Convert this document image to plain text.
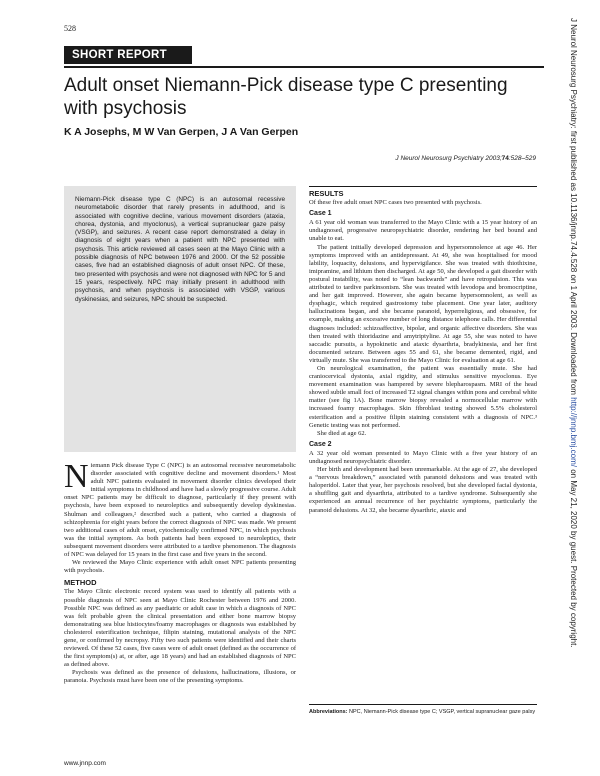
528
SHORT REPORT
Adult onset Niemann-Pick disease type C presenting with psychosis
K A Josephs, M W Van Gerpen, J A Van Gerpen
J Neurol Neurosurg Psychiatry 2003;74:528–529

Niemann-Pick disease type C (NPC) is an autosomal recessive neurometabolic disorder that rarely presents in adulthood, and is associated with cognitive decline, various movement disorders (ataxia, chorea, dystonia, and myoclonus), a vertical supranuclear gaze palsy (VSGP), and seizures. A recent case report demonstrated a delay in diagnosis of eight years when a patient with NPC presented with psychosis. This article reviewed all cases seen at the Mayo Clinic with a possible diagnosis of NPC between 1976 and 2000. Of the 52 possible cases, five had an established diagnosis of adult onset NPC. Of these, two presented with psychosis and were not diagnosed with NPC for 5 and 15 years, respectively. NPC may initially present in adulthood with psychosis, and when psychosis is associated with VSGP, various dyskinesias, and seizures, NPC should be suspected.

Niemann Pick disease Type C (NPC) is an autosomal recessive neurometabolic disorder associated with cognitive decline and movement disorders.¹ Most adult NPC patients evaluated in movement disorder clinics developed their initial symptoms in childhood and have had a slowly progressive course. Adult onset NPC patients may be difficult to diagnose, particularly if they present with psychosis, have been exposed to neuroleptics and subsequently develop dyskinesias. Shulman and colleagues,² described such a patient, who carried a diagnosis of schizophrenia for eight years before the correct diagnosis of NPC was made. We present two additional cases of adult onset, cytochemically confirmed NPC, in which psychosis was the initial symptom. As both patients had been exposed to neuroleptics, their subsequent movement disorders were attributed to a tardive phenomenon. The diagnosis of NPC was delayed for 15 years in the first case and five years in the second.

We reviewed the Mayo Clinic experience with adult onset NPC patients presenting with psychosis.

METHOD

The Mayo Clinic electronic record system was used to identify all patients with a possible diagnosis of NPC seen at Mayo Clinic Rochester between 1976 and 2000. Possible NPC was defined as any paediatric or adult case in which a diagnosis of NPC was felt probable given the clinical presentation and either bone marrow biopsy demonstrating sea blue histiocytes/foamy macrophages or diagnosis was established by cholesterol esterification technique, filipin staining, mutational analysis of the NPC gene, or confirmed by necropsy. Fifty two such patients were identified and their charts reviewed. Of these 52 cases, five cases were of adult onset (defined as the occurrence of the first symptom(s) at, or after, age 18 years) and had an established diagnosis of NPC as defined above.

Psychosis was defined as the presence of delusions, hallucinations, illusions, or paranoia. Psychosis must have been one of the presenting symptoms.

RESULTS

Of these five adult onset NPC cases two presented with psychosis.

Case 1

A 61 year old woman was transferred to the Mayo Clinic with a 15 year history of an undiagnosed, progressive neuropsychiatric disorder, rendering her bed bound and unable to eat.

The patient initially developed depression and hypersomnolence at age 46. Her symptoms improved with an antidepressant. At 49, she was hospitalised for mood lability, loquacity, delusions, and hypervigilance. She was treated with thiothixine, imipramine, and lithium then discharged. At age 50, she developed a gait disorder with postural instability, was noted to “lean backwards” and have retropulsion. This was attributed to tardive parkinsonism. She was treated with levodopa and bromocriptine, and her gait improved. However, she again became hypersomnolent, as well as dysphagic, which required gastrostomy tube placement. One year later, auditory hallucinations began, and she became paranoid, hyperreligious, and obsessive, for example, making an excessive number of long distance telephone calls. Her differential diagnoses included: schizoaffective, bipolar, and organic affective disorders. She was then treated with thioridazine and amytriptyline. At age 55, she was noted to have saccadic pursuits, a hypokinetic and ataxic dysarthria, bradykinesia, and her first documented seizure. Between ages 55 and 61, she became demented, rigid, and virtually mute. She was transferred to the Mayo Clinic for evaluation at age 61.

On neurological examination, the patient was essentially mute. She had craniocervical dystonia, axial rigidity, and stimulus sensitive myoclonus. Eye movement examination was hampered by severe blepharospasm. MRI of the head showed subtle small foci of increased T2 signal changes within pons and cerebral white matter (see fig 1A). Bone marrow biopsy revealed a normocellular marrow with increased foamy macrophages. Skin fibroblast testing showed 5.5% cholesterol esterification and a positive filipin staining consistent with a diagnosis of NPC.³ Genetic testing was not performed.

She died at age 62.

Case 2

A 32 year old woman presented to Mayo Clinic with a five year history of an undiagnosed neuropsychiatric disorder.

Her birth and development had been unremarkable. At the age of 27, she developed a “nervous breakdown,” associated with paranoid delusions and was treated with haloperidol. Later that year, her psychosis resolved, but she developed facial dystonia, a shuffling gait and dysarthria, attributed to a tardive syndrome. Subsequently she experienced an annual recurrence of her psychiatric symptoms, particularly the paranoid delusions. At 32, she became dysarthric, ataxic and

Abbreviations: NPC, Niemann-Pick disease type C; VSGP, vertical supranuclear gaze palsy
www.jnnp.com
J Neurol Neurosurg Psychiatry: first published as 10.1136/jnnp.74.4.528 on 1 April 2003. Downloaded from http://jnnp.bmj.com/ on May 21, 2020 by guest. Protected by copyright.
